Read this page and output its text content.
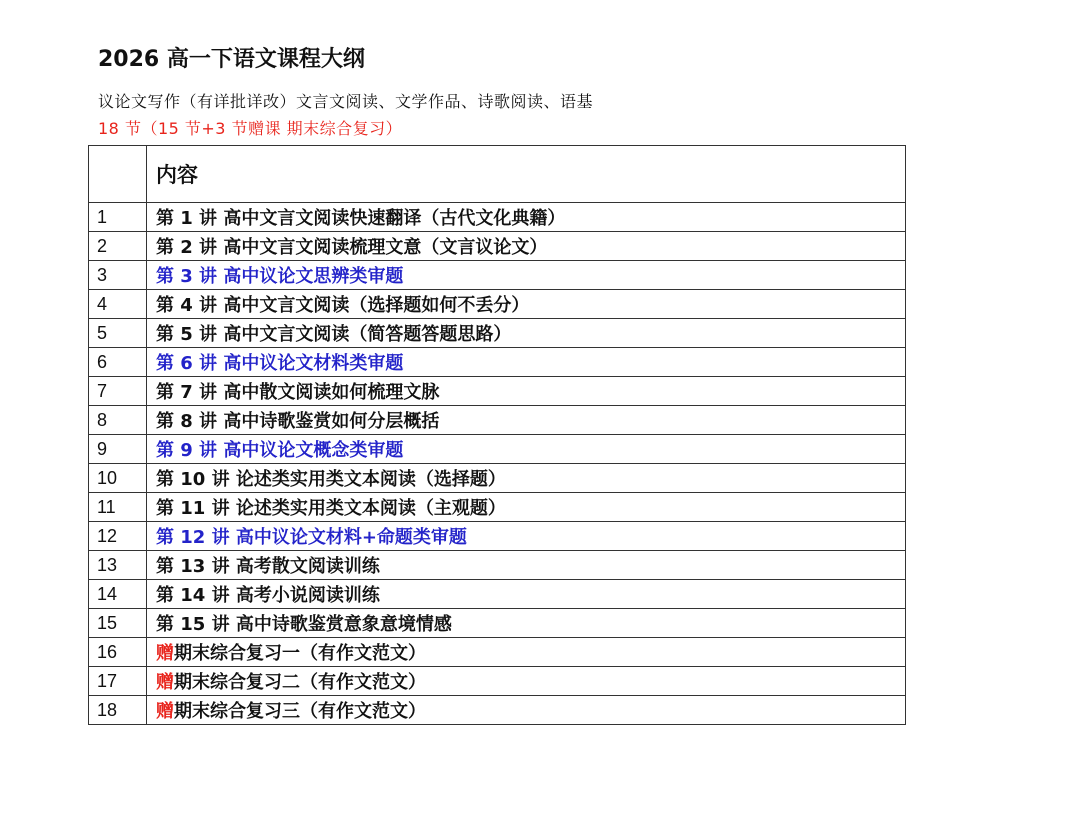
2026 高一下语文课程大纲
议论文写作（有详批详改）文言文阅读、文学作品、诗歌阅读、语基
18 节（15 节+3 节赠课 期末综合复习）
	内容
1	第 1 讲 高中文言文阅读快速翻译（古代文化典籍）
2	第 2 讲 高中文言文阅读梳理文意（文言议论文）
3	第 3 讲 高中议论文思辨类审题
4	第 4 讲 高中文言文阅读（选择题如何不丢分）
5	第 5 讲 高中文言文阅读（简答题答题思路）
6	第 6 讲 高中议论文材料类审题
7	第 7 讲 高中散文阅读如何梳理文脉
8	第 8 讲 高中诗歌鉴赏如何分层概括
9	第 9 讲 高中议论文概念类审题
10	第 10 讲 论述类实用类文本阅读（选择题）
11	第 11 讲 论述类实用类文本阅读（主观题）
12	第 12 讲 高中议论文材料+命题类审题
13	第 13 讲 高考散文阅读训练
14	第 14 讲 高考小说阅读训练
15	第 15 讲 高中诗歌鉴赏意象意境情感
16	赠期末综合复习一（有作文范文）
17	赠期末综合复习二（有作文范文）
18	赠期末综合复习三（有作文范文）
